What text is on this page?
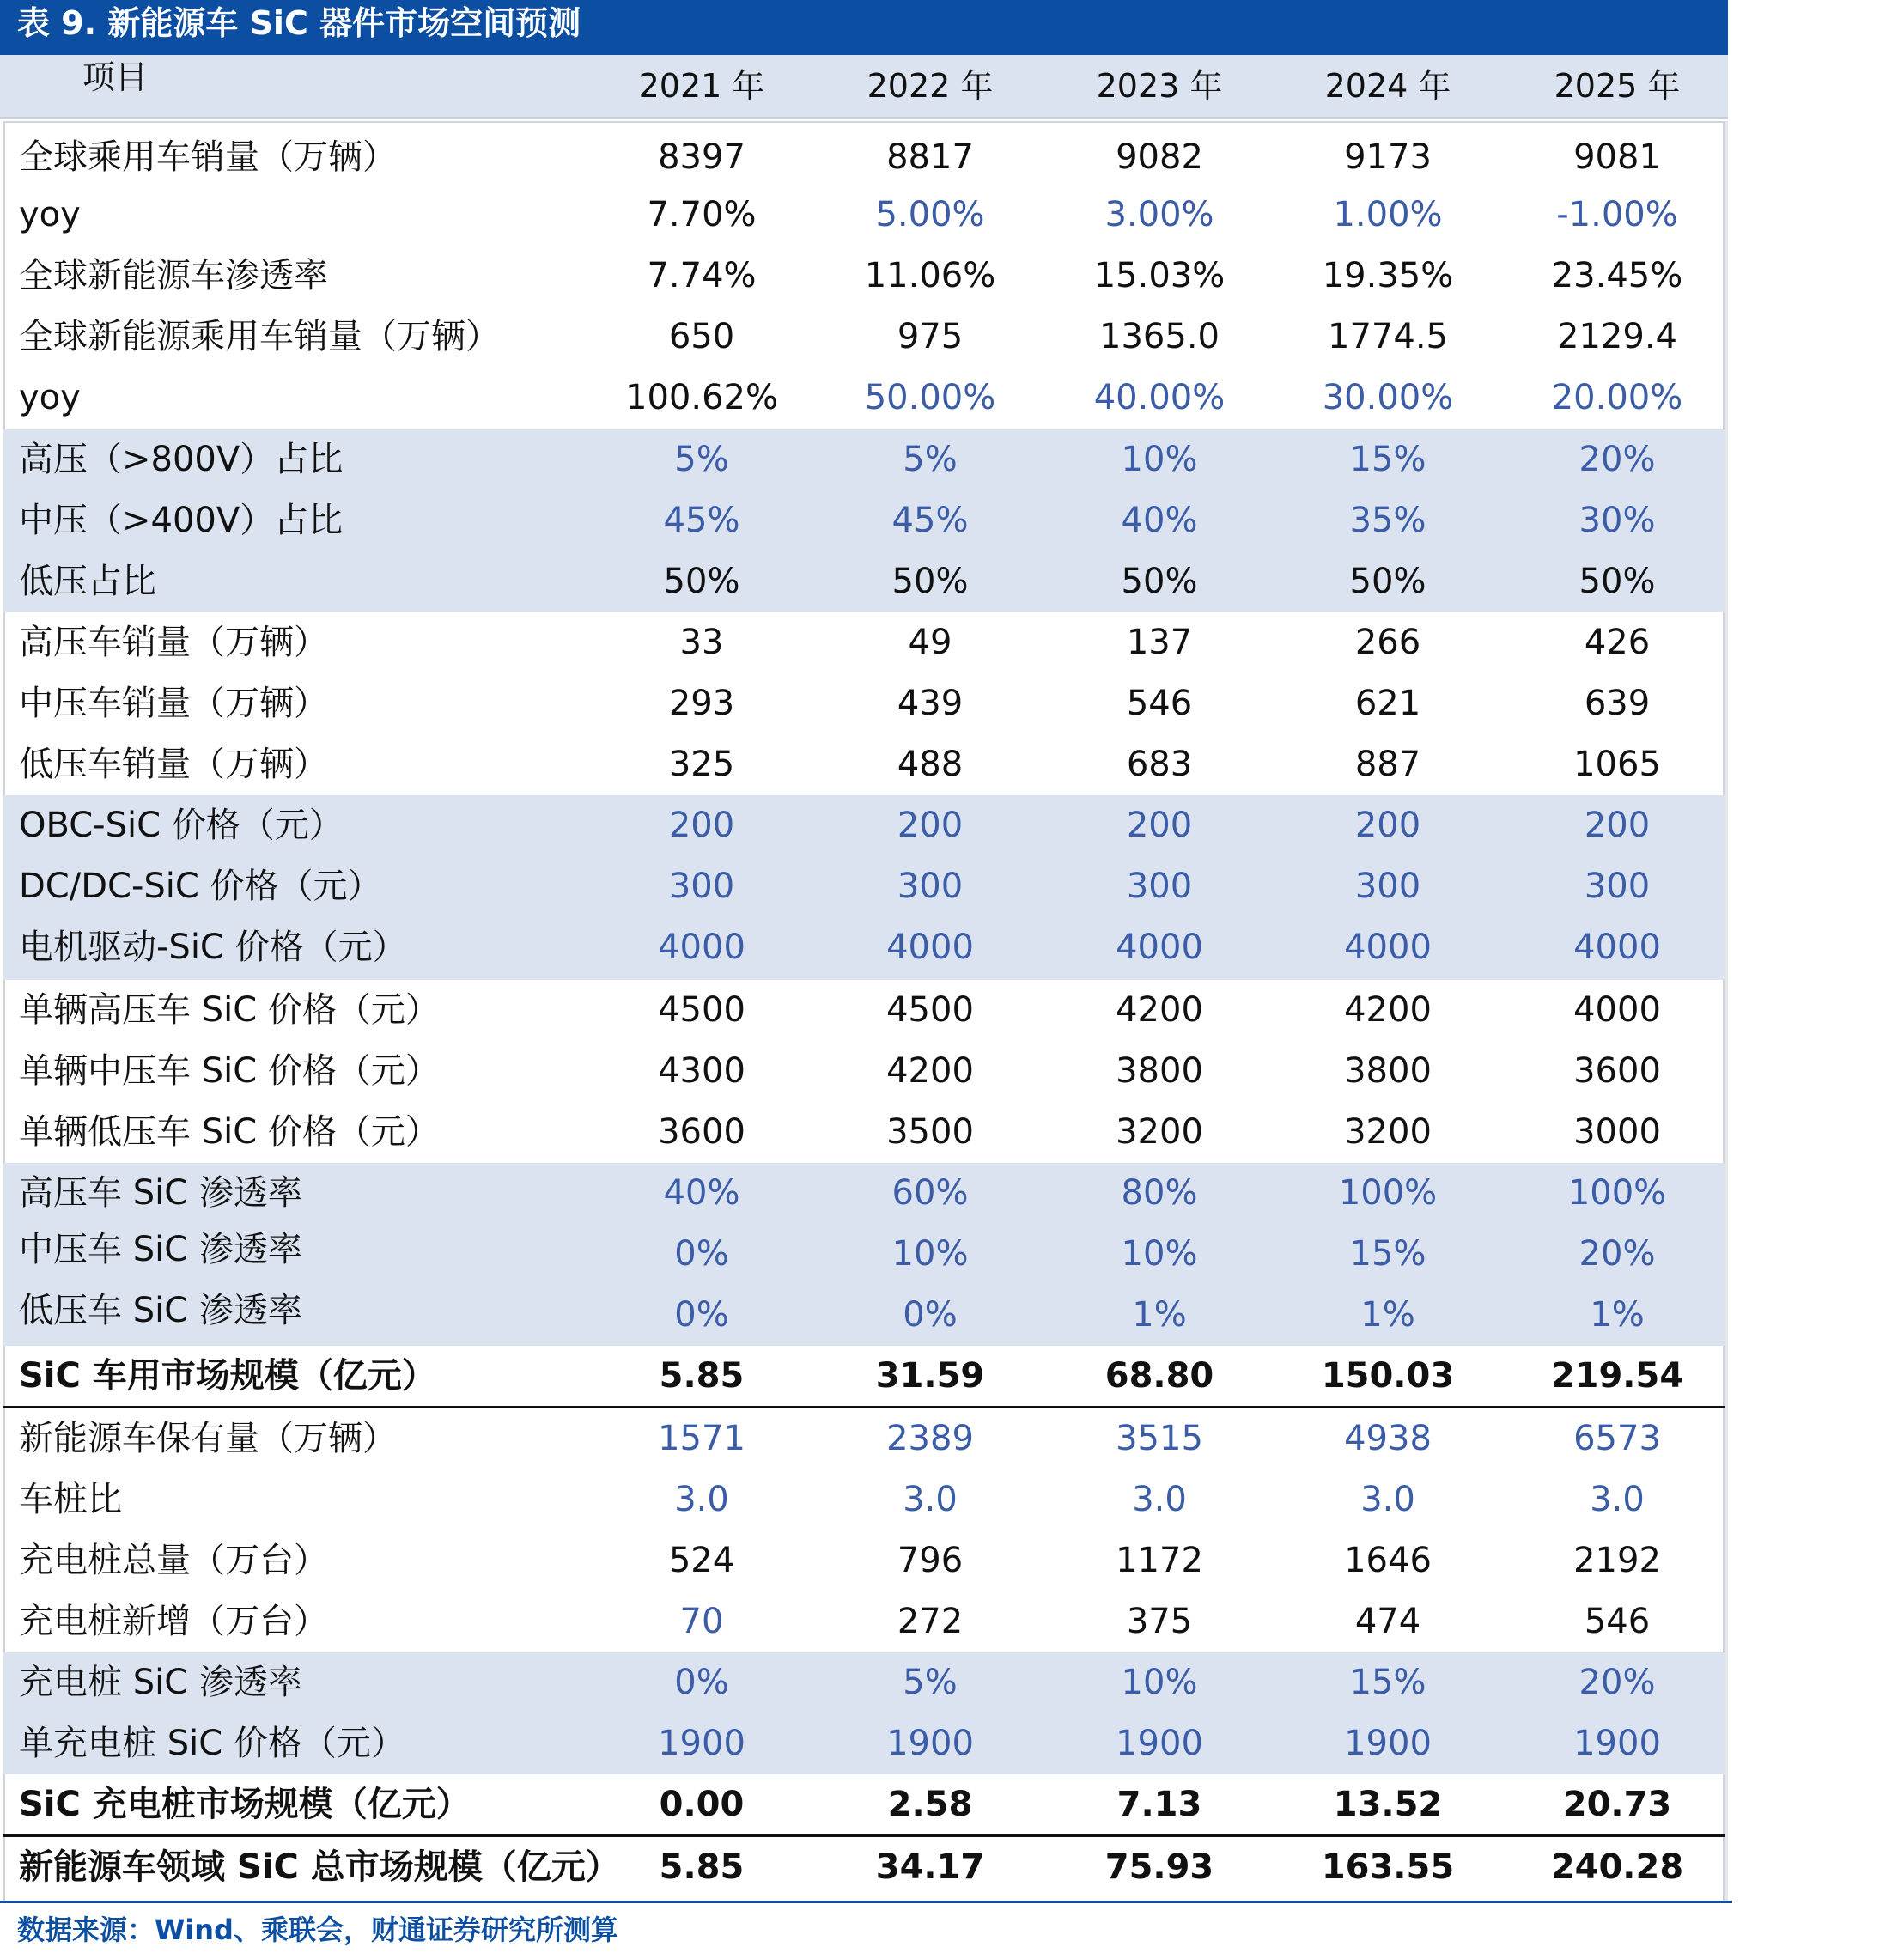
表 9. 新能源车 SiC 器件市场空间预测
项目	2021 年	2022 年	2023 年	2024 年	2025 年
全球乘用车销量（万辆）	8397	8817	9082	9173	9081
yoy	7.70%	5.00%	3.00%	1.00%	-1.00%
全球新能源车渗透率	7.74%	11.06%	15.03%	19.35%	23.45%
全球新能源乘用车销量（万辆）	650	975	1365.0	1774.5	2129.4
yoy	100.62%	50.00%	40.00%	30.00%	20.00%
高压（>800V）占比	5%	5%	10%	15%	20%
中压（>400V）占比	45%	45%	40%	35%	30%
低压占比	50%	50%	50%	50%	50%
高压车销量（万辆）	33	49	137	266	426
中压车销量（万辆）	293	439	546	621	639
低压车销量（万辆）	325	488	683	887	1065
OBC-SiC 价格（元）	200	200	200	200	200
DC/DC-SiC 价格（元）	300	300	300	300	300
电机驱动-SiC 价格（元）	4000	4000	4000	4000	4000
单辆高压车 SiC 价格（元）	4500	4500	4200	4200	4000
单辆中压车 SiC 价格（元）	4300	4200	3800	3800	3600
单辆低压车 SiC 价格（元）	3600	3500	3200	3200	3000
高压车 SiC 渗透率	40%	60%	80%	100%	100%
中压车 SiC 渗透率	0%	10%	10%	15%	20%
低压车 SiC 渗透率	0%	0%	1%	1%	1%
SiC 车用市场规模（亿元）	5.85	31.59	68.80	150.03	219.54
新能源车保有量（万辆）	1571	2389	3515	4938	6573
车桩比	3.0	3.0	3.0	3.0	3.0
充电桩总量（万台）	524	796	1172	1646	2192
充电桩新增（万台）	70	272	375	474	546
充电桩 SiC 渗透率	0%	5%	10%	15%	20%
单充电桩 SiC 价格（元）	1900	1900	1900	1900	1900
SiC 充电桩市场规模（亿元）	0.00	2.58	7.13	13.52	20.73
新能源车领域 SiC 总市场规模（亿元）	5.85	34.17	75.93	163.55	240.28
数据来源：Wind、乘联会，财通证券研究所测算
